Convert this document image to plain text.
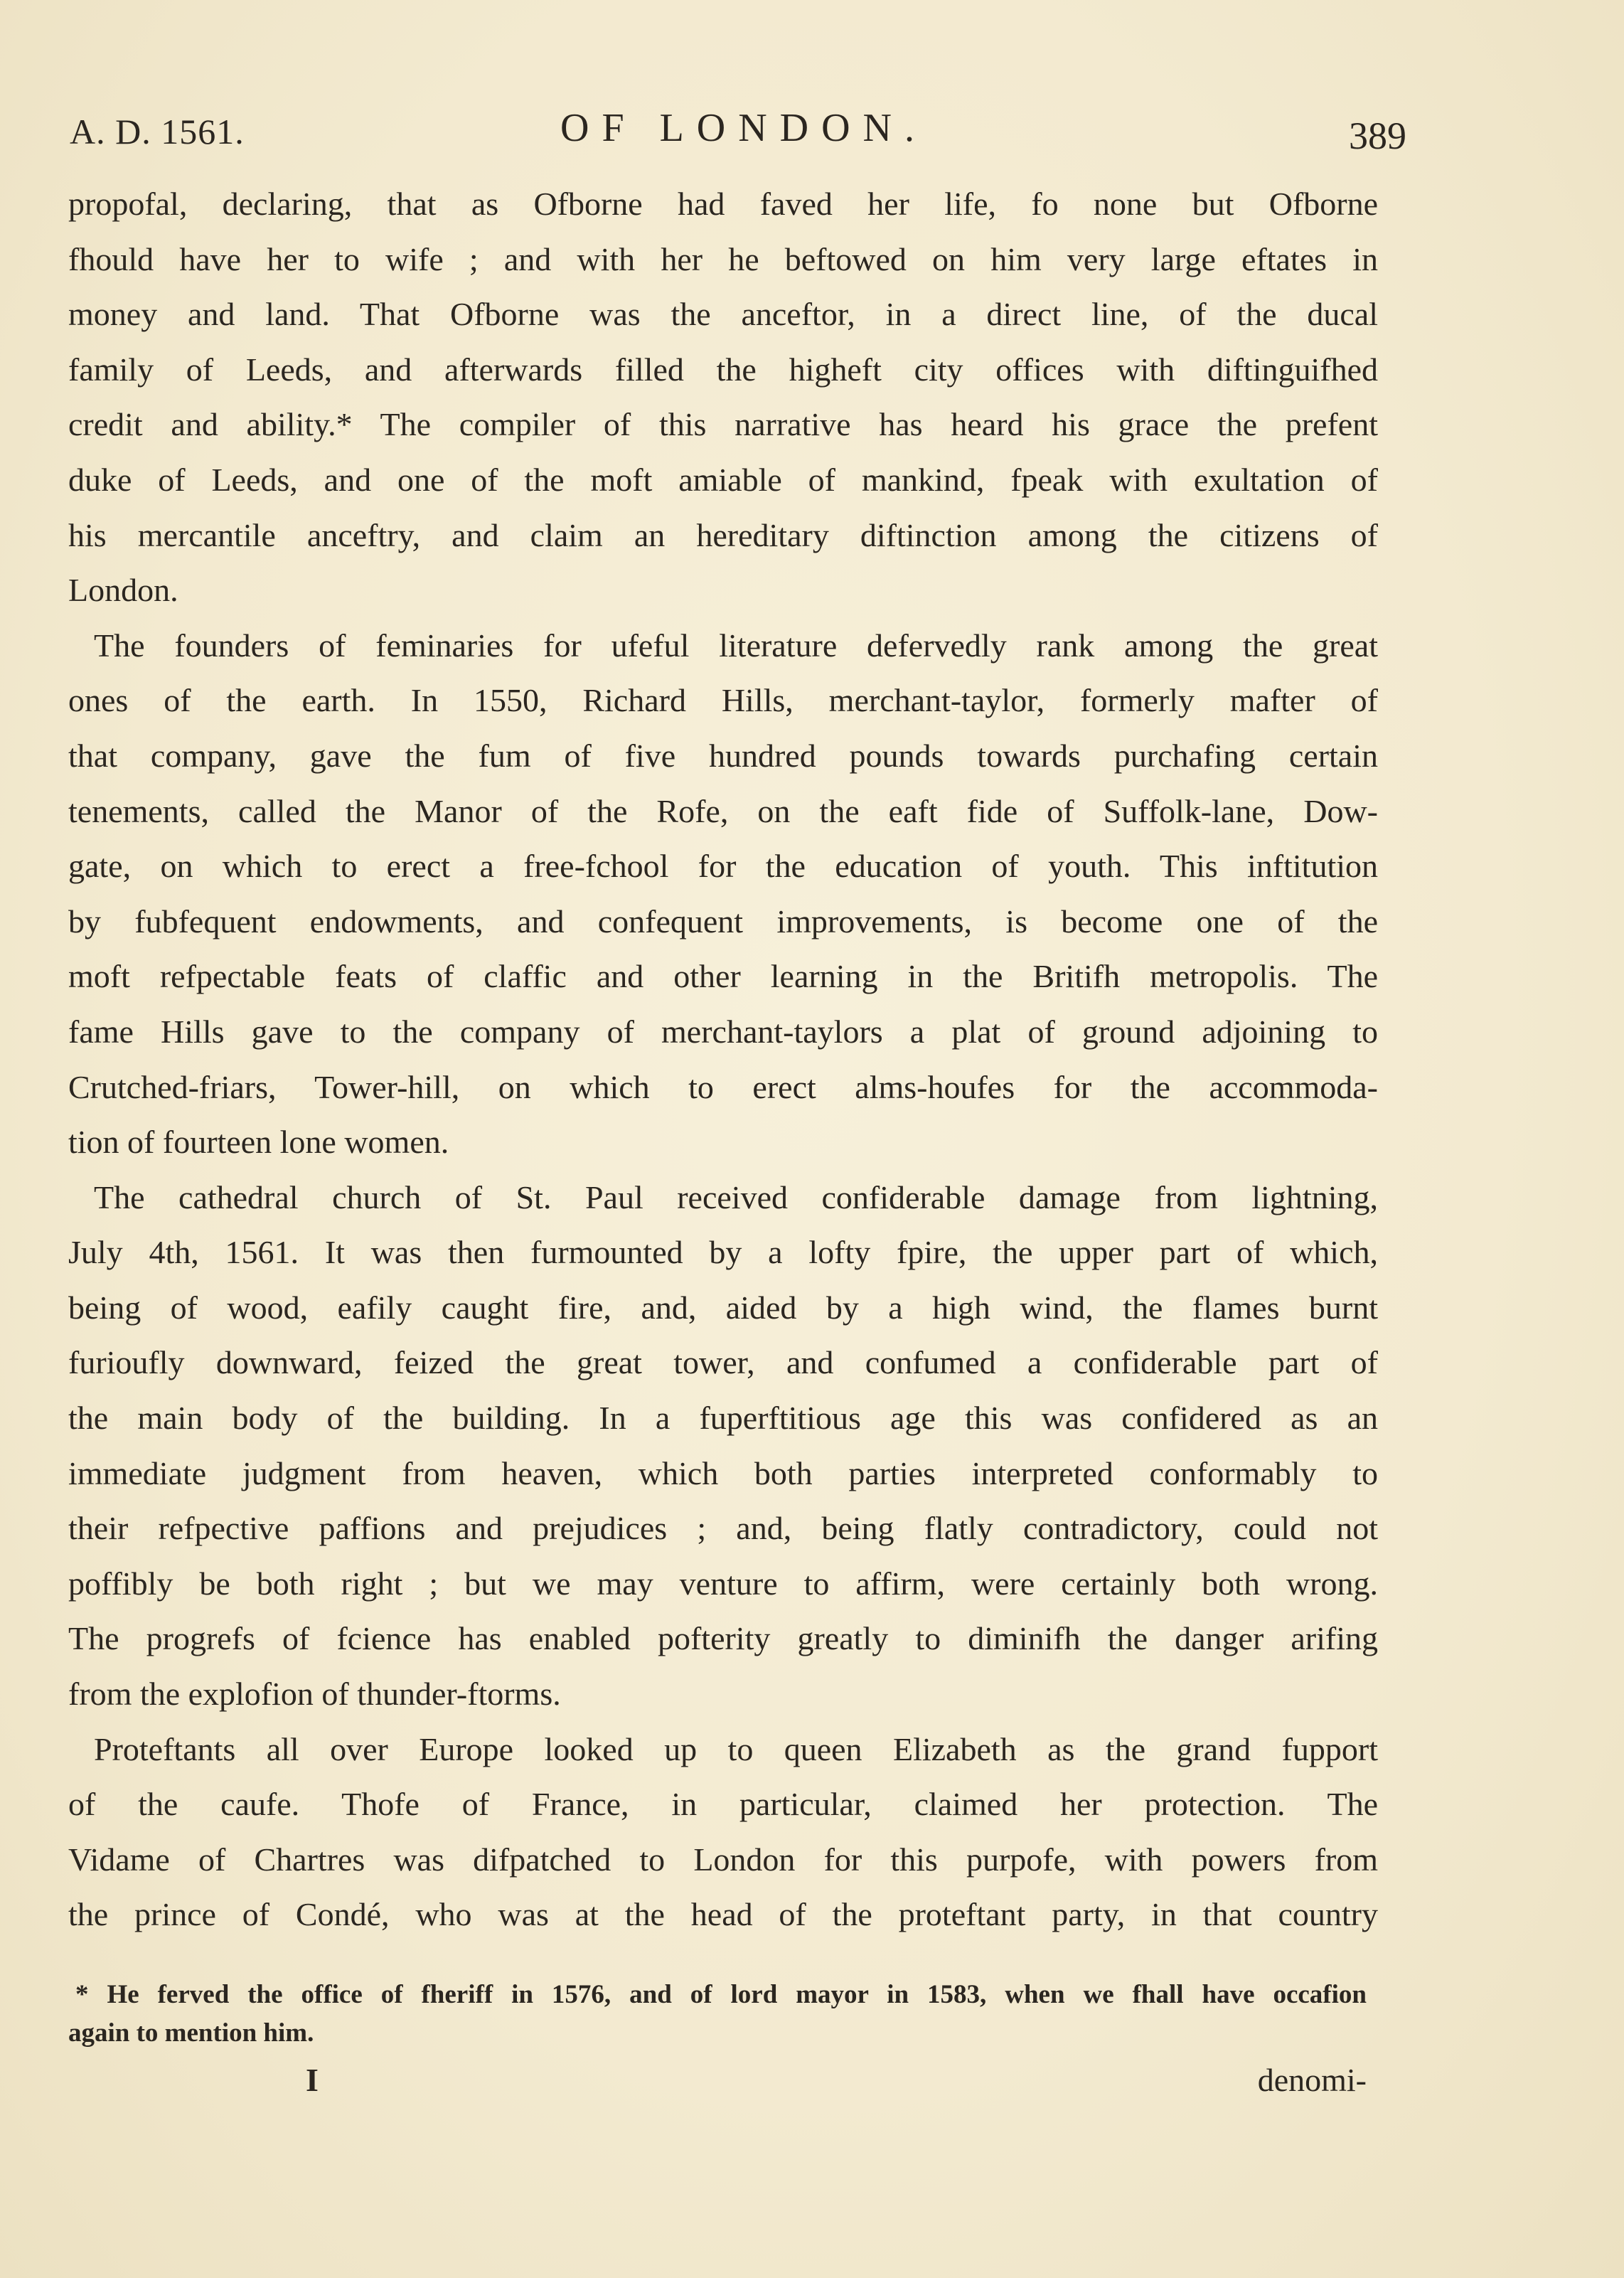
A. D. 1561.	OF LONDON.	389
propofal, declaring, that as Ofborne had faved her life, fo none but Ofborne
fhould have her to wife ; and with her he beftowed on him very large eftates in
money and land. That Ofborne was the anceftor, in a direct line, of the ducal
family of Leeds, and afterwards filled the higheft city offices with diftinguifhed
credit and ability.* The compiler of this narrative has heard his grace the prefent
duke of Leeds, and one of the moft amiable of mankind, fpeak with exultation of
his mercantile anceftry, and claim an hereditary diftinction among the citizens of
London.
The founders of feminaries for ufeful literature defervedly rank among the great
ones of the earth. In 1550, Richard Hills, merchant-taylor, formerly mafter of
that company, gave the fum of five hundred pounds towards purchafing certain
tenements, called the Manor of the Rofe, on the eaft fide of Suffolk-lane, Dow-
gate, on which to erect a free-fchool for the education of youth. This inftitution
by fubfequent endowments, and confequent improvements, is become one of the
moft refpectable feats of claffic and other learning in the Britifh metropolis. The
fame Hills gave to the company of merchant-taylors a plat of ground adjoining to
Crutched-friars, Tower-hill, on which to erect alms-houfes for the accommoda-
tion of fourteen lone women.
The cathedral church of St. Paul received confiderable damage from lightning,
July 4th, 1561. It was then furmounted by a lofty fpire, the upper part of which,
being of wood, eafily caught fire, and, aided by a high wind, the flames burnt
furioufly downward, feized the great tower, and confumed a confiderable part of
the main body of the building. In a fuperftitious age this was confidered as an
immediate judgment from heaven, which both parties interpreted conformably to
their refpective paffions and prejudices ; and, being flatly contradictory, could not
poffibly be both right ; but we may venture to affirm, were certainly both wrong.
The progrefs of fcience has enabled pofterity greatly to diminifh the danger arifing
from the explofion of thunder-ftorms.
Proteftants all over Europe looked up to queen Elizabeth as the grand fupport
of the caufe. Thofe of France, in particular, claimed her protection. The
Vidame of Chartres was difpatched to London for this purpofe, with powers from
the prince of Condé, who was at the head of the proteftant party, in that country
* He ferved the office of fheriff in 1576, and of lord mayor in 1583, when we fhall have occafion
again to mention him.
I	denomi-
